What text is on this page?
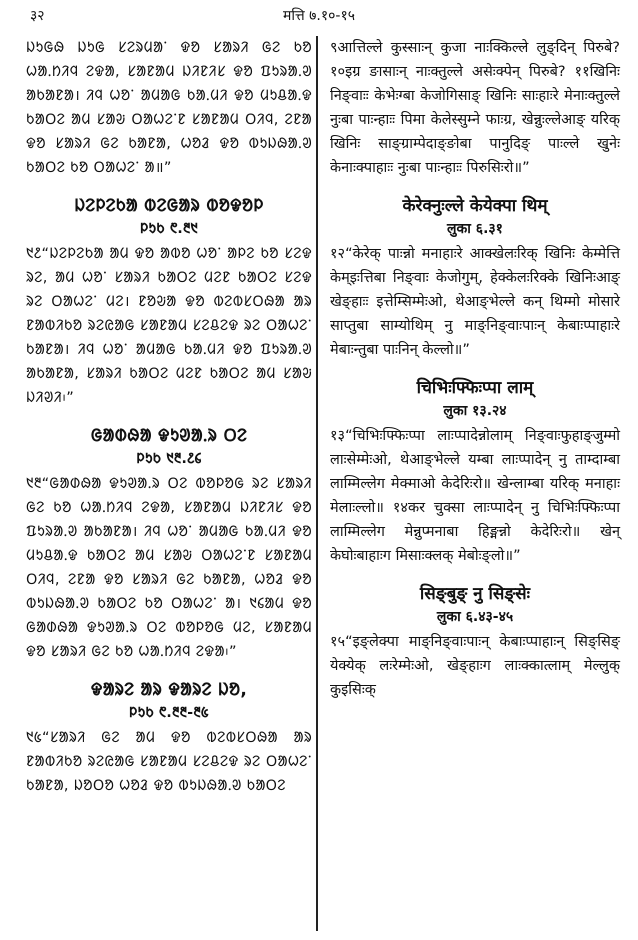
३२	मत्ति ७.१०-१५

ᱡᱩᱜᱷ ᱡᱩᱜ ᱥᱮᱨᱢᱟᱸ ᱫᱚ ᱥᱟᱨᱤ ᱜᱮ ᱠᱚ ᱦᱟᱹᱴᱤᱧ ᱮᱫᱟ, ᱥᱟᱱᱟᱢ ᱡᱤᱱᱤᱥ ᱫᱚ ᱯᱩᱨᱟᱹᱣ ᱟᱠᱟᱱᱟ। ᱤᱧ ᱦᱚᱸ ᱟᱢᱟᱜ ᱠᱟᱹᱢᱤ ᱫᱚ ᱢᱩᱪᱟᱹᱫ ᱠᱟᱛᱮ ᱟᱢ ᱥᱟᱶ ᱛᱟᱦᱮᱸᱱ ᱥᱟᱱᱟᱢ ᱛᱤᱧ, ᱮᱱᱟ ᱫᱚ ᱥᱟᱨᱤ ᱜᱮ ᱠᱟᱱᱟ, ᱦᱚᱲ ᱫᱚ ᱵᱩᱡᱷᱟᱹᱣ ᱠᱟᱛᱮ ᱠᱚ ᱛᱟᱦᱮᱸ ᱟ॥”

ᱡᱮᱞᱮᱠᱟ ᱵᱮᱜᱟᱨ ᱵᱚᱫᱚᱞ
ᱞᱩᱠ ᱖.᱓᱑

᱑᱒“ᱡᱮᱞᱮᱠᱟ ᱟᱢ ᱫᱚ ᱟᱵᱚ ᱦᱚᱸ ᱟᱞᱮ ᱠᱚ ᱥᱮᱫ ᱨᱮ, ᱟᱢ ᱦᱚᱸ ᱥᱟᱨᱤ ᱠᱟᱛᱮ ᱢᱮᱱ ᱠᱟᱛᱮ ᱥᱮᱫ ᱨᱮ ᱛᱟᱦᱮᱸ ᱢᱮ। ᱱᱚᱶᱟ ᱫᱚ ᱵᱮᱵᱥᱛᱷᱟ ᱟᱨ ᱱᱟᱵᱤᱠᱚ ᱨᱮᱭᱟᱜ ᱥᱟᱱᱟᱢ ᱥᱮᱪᱮᱫ ᱨᱮ ᱛᱟᱦᱮᱸ ᱠᱟᱱᱟ। ᱤᱧ ᱦᱚᱸ ᱟᱢᱟᱜ ᱠᱟᱹᱢᱤ ᱫᱚ ᱯᱩᱨᱟᱹᱣ ᱟᱠᱟᱱᱟ, ᱥᱟᱨᱤ ᱠᱟᱛᱮ ᱢᱮᱱ ᱠᱟᱛᱮ ᱟᱢ ᱥᱟᱶ ᱡᱤᱣᱤ᱾”

ᱜᱟᱰᱷᱟ ᱫᱩᱣᱟᱹᱨ ᱛᱮ
ᱞᱩᱠ ᱑᱓.᱒᱔

᱑᱓“ᱜᱟᱰᱷᱟ ᱫᱩᱣᱟᱹᱨ ᱛᱮ ᱵᱚᱞᱚᱜ ᱨᱮ ᱥᱟᱨᱤ ᱜᱮ ᱠᱚ ᱦᱟᱹᱴᱤᱧ ᱮᱫᱟ, ᱥᱟᱱᱟᱢ ᱡᱤᱱᱤᱥ ᱫᱚ ᱯᱩᱨᱟᱹᱣ ᱟᱠᱟᱱᱟ। ᱤᱧ ᱦᱚᱸ ᱟᱢᱟᱜ ᱠᱟᱹᱢᱤ ᱫᱚ ᱢᱩᱪᱟᱹᱫ ᱠᱟᱛᱮ ᱟᱢ ᱥᱟᱶ ᱛᱟᱦᱮᱸᱱ ᱥᱟᱱᱟᱢ ᱛᱤᱧ, ᱮᱱᱟ ᱫᱚ ᱥᱟᱨᱤ ᱜᱮ ᱠᱟᱱᱟ, ᱦᱚᱲ ᱫᱚ ᱵᱩᱡᱷᱟᱹᱣ ᱠᱟᱛᱮ ᱠᱚ ᱛᱟᱦᱮᱸ ᱟ। ᱑᱔ᱟᱢ ᱫᱚ ᱜᱟᱰᱷᱟ ᱫᱩᱣᱟᱹᱨ ᱛᱮ ᱵᱚᱞᱚᱜ ᱢᱮ, ᱥᱟᱱᱟᱢ ᱫᱚ ᱥᱟᱨᱤ ᱜᱮ ᱠᱚ ᱦᱟᱹᱴᱤᱧ ᱮᱫᱟ᱾”

ᱫᱟᱨᱮ ᱟᱨ ᱫᱟᱨᱮ ᱡᱚ,
ᱞᱩᱠ ᱖.᱓᱓-᱓᱕

᱑᱕“ᱥᱟᱨᱤ ᱜᱮ ᱟᱢ ᱫᱚ ᱵᱮᱵᱥᱛᱷᱟ ᱟᱨ ᱱᱟᱵᱤᱠᱚ ᱨᱮᱭᱟᱜ ᱥᱟᱱᱟᱢ ᱥᱮᱪᱮᱫ ᱨᱮ ᱛᱟᱦᱮᱸ ᱠᱟᱱᱟ, ᱡᱚᱛᱚ ᱦᱚᱲ ᱫᱚ ᱵᱩᱡᱷᱟᱹᱣ ᱠᱟᱛᱮ

९आत्तिल्ले कुस्साःन् कुजा नाःक्किल्ले लुङ्दिन् पिरुबे? १०इग्र ङासाःन् नाःक्तुल्ले असेःक्पेन् पिरुबे? ११खिनिः निङ्वाःः केभेःग्बा केजोगिसाङ् खिनिः साःहाःरे मेनाःक्तुल्ले नुःबा पाःन्हाःः पिमा केलेस्सुम्ने फाःग्र, खेन्नुःल्लेआङ् यरिक् खिनिः साङ्ग्राम्पेदाङ्ङोबा पानुदिङ् पाःल्ले खुनेः केनाःक्पाहाःः नुःबा पाःन्हाःः पिरुसिःरो॥”

केरेक्नुःल्ले केयेक्पा थिम्
लुका ६.३१

१२“केरेक् पाःन्नो मनाहाःरे आक्खेलःरिक् खिनिः केम्मेत्ति केम्इःत्तिबा निङ्वाः केजोगुम्, हेक्केलःरिक्के खिनिःआङ् खेङ्हाःः इत्तेम्सिम्मेःओ, थेआङ्भेल्ले कन् थिम्मो मोसारे साप्तुबा साम्योथिम् नु माङ्निङ्वाःपाःन् केबाःप्पाहाःरे मेबाःन्तुबा पाःनिन् केल्लो॥”

चिभिःफ्फिःप्पा लाम्
लुका १३.२४

१३“चिभिःफ्फिःप्पा लाःप्पादेन्नोलाम् निङ्वाःफुहाङ्जुम्मो लाःसेम्मेःओ, थेआङ्भेल्ले यम्बा लाःप्पादेन् नु ताम्दाम्बा लाम्मिल्लेग मेक्माओ केदेरिःरो॥ खेन्लाम्बा यरिक् मनाहाः मेलाःल्लो॥ १४कर चुक्सा लाःप्पादेन् नु चिभिःफ्फिःप्पा लाम्मिल्लेग मेन्नुप्मनाबा हिङ्मन्नो केदेरिःरो॥ खेन् केघोःबाहाःग मिसाःक्लक् मेबोःङ्लो॥”

सिङ्बुङ् नु सिङ्सेः
लुका ६.४३-४५

१५“इङ्लेक्पा माङ्निङ्वाःपाःन् केबाःप्पाहाःन् सिङ्सिङ् येक्येक् लःरेम्मेःओ, खेङ्हाःग लाःक्कात्लाम् मेल्लुक् कुइसिःक्
